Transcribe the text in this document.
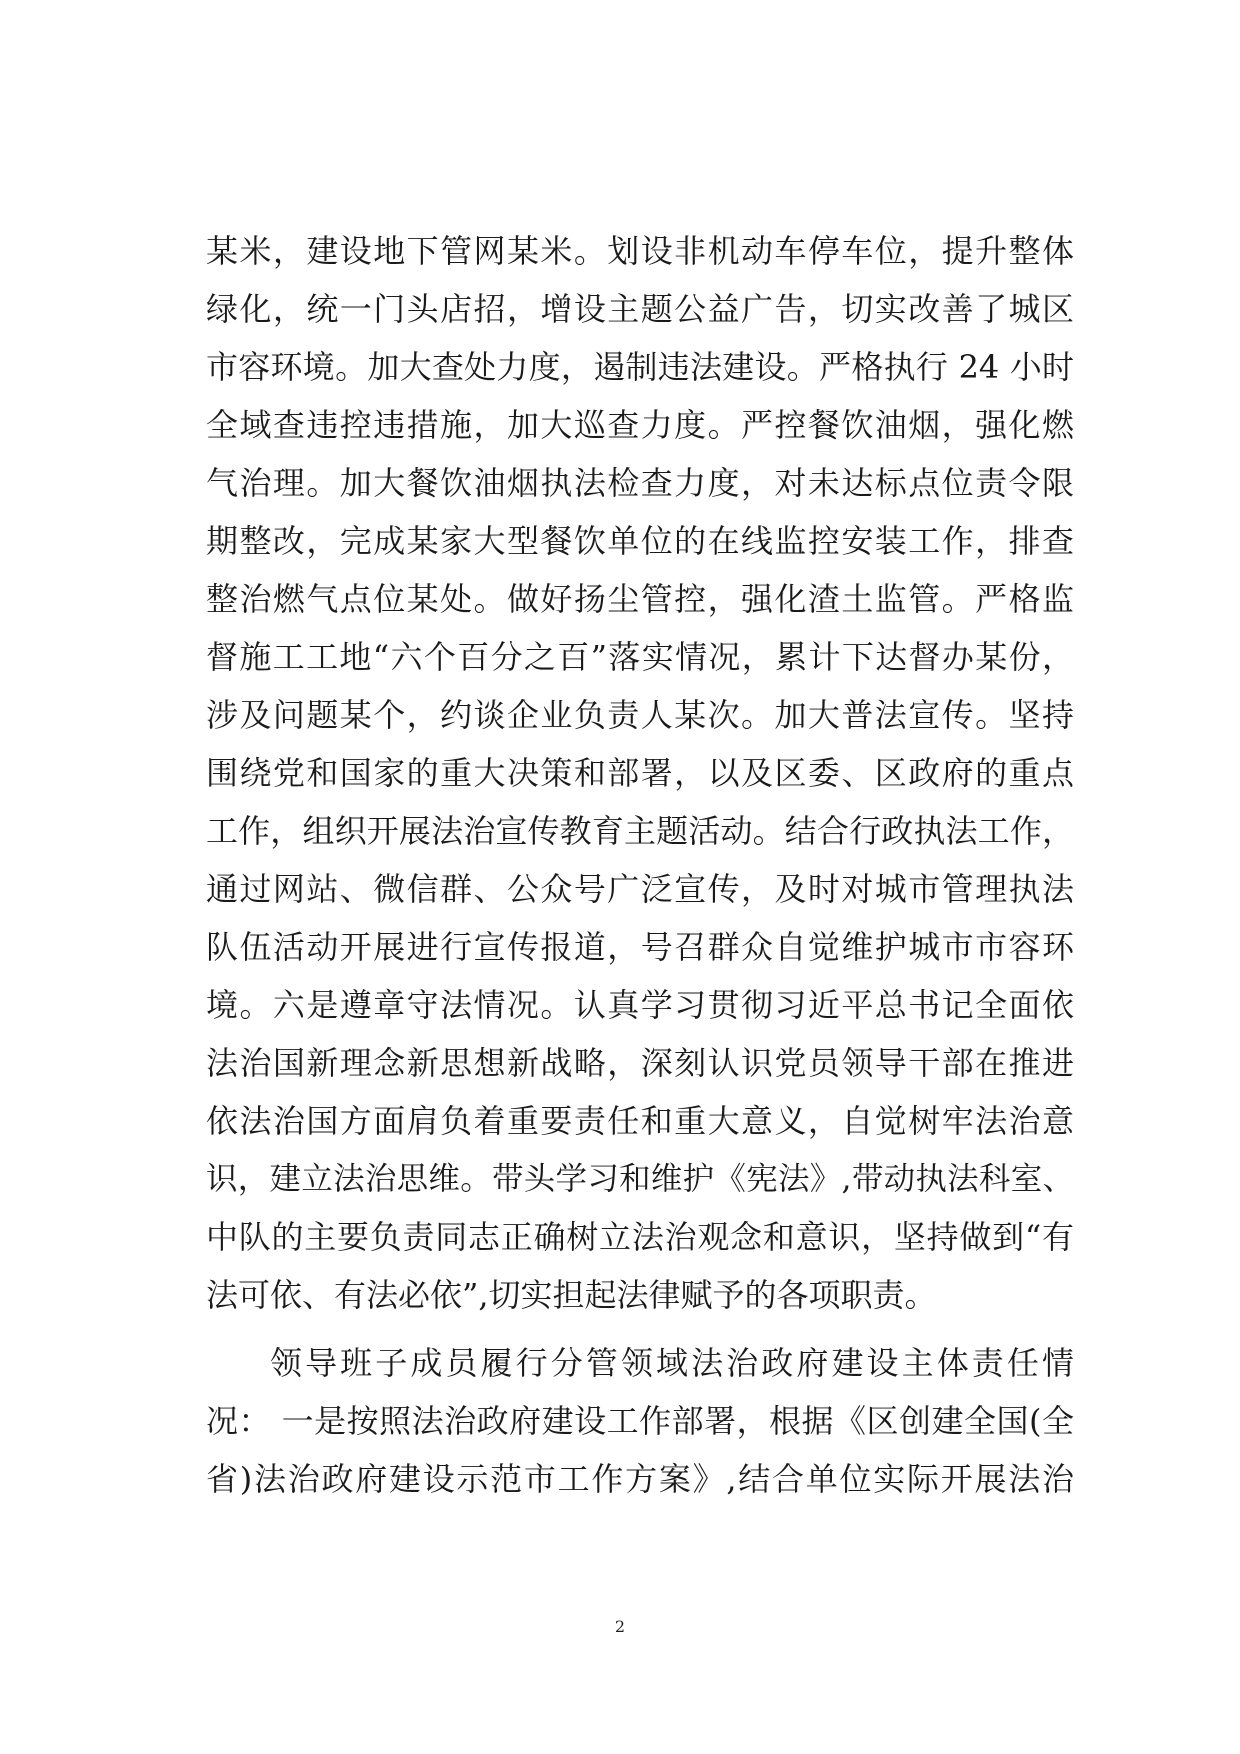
某米，建设地下管网某米。划设非机动车停车位，提升整体
绿化，统一门头店招，增设主题公益广告，切实改善了城区
市容环境。加大查处力度，遏制违法建设。严格执行 24 小时
全域查违控违措施，加大巡查力度。严控餐饮油烟，强化燃
气治理。加大餐饮油烟执法检查力度，对未达标点位责令限
期整改，完成某家大型餐饮单位的在线监控安装工作，排查
整治燃气点位某处。做好扬尘管控，强化渣土监管。严格监
督施工工地“六个百分之百”落实情况，累计下达督办某份，
涉及问题某个，约谈企业负责人某次。加大普法宣传。坚持
围绕党和国家的重大决策和部署，以及区委、区政府的重点
工作，组织开展法治宣传教育主题活动。结合行政执法工作，
通过网站、微信群、公众号广泛宣传，及时对城市管理执法
队伍活动开展进行宣传报道，号召群众自觉维护城市市容环
境。六是遵章守法情况。认真学习贯彻习近平总书记全面依
法治国新理念新思想新战略，深刻认识党员领导干部在推进
依法治国方面肩负着重要责任和重大意义，自觉树牢法治意
识，建立法治思维。带头学习和维护《宪法》,带动执法科室、
中队的主要负责同志正确树立法治观念和意识，坚持做到“有
法可依、有法必依”,切实担起法律赋予的各项职责。
领导班子成员履行分管领域法治政府建设主体责任情
况： 一是按照法治政府建设工作部署，根据《区创建全国(全
省)法治政府建设示范市工作方案》,结合单位实际开展法治
2
